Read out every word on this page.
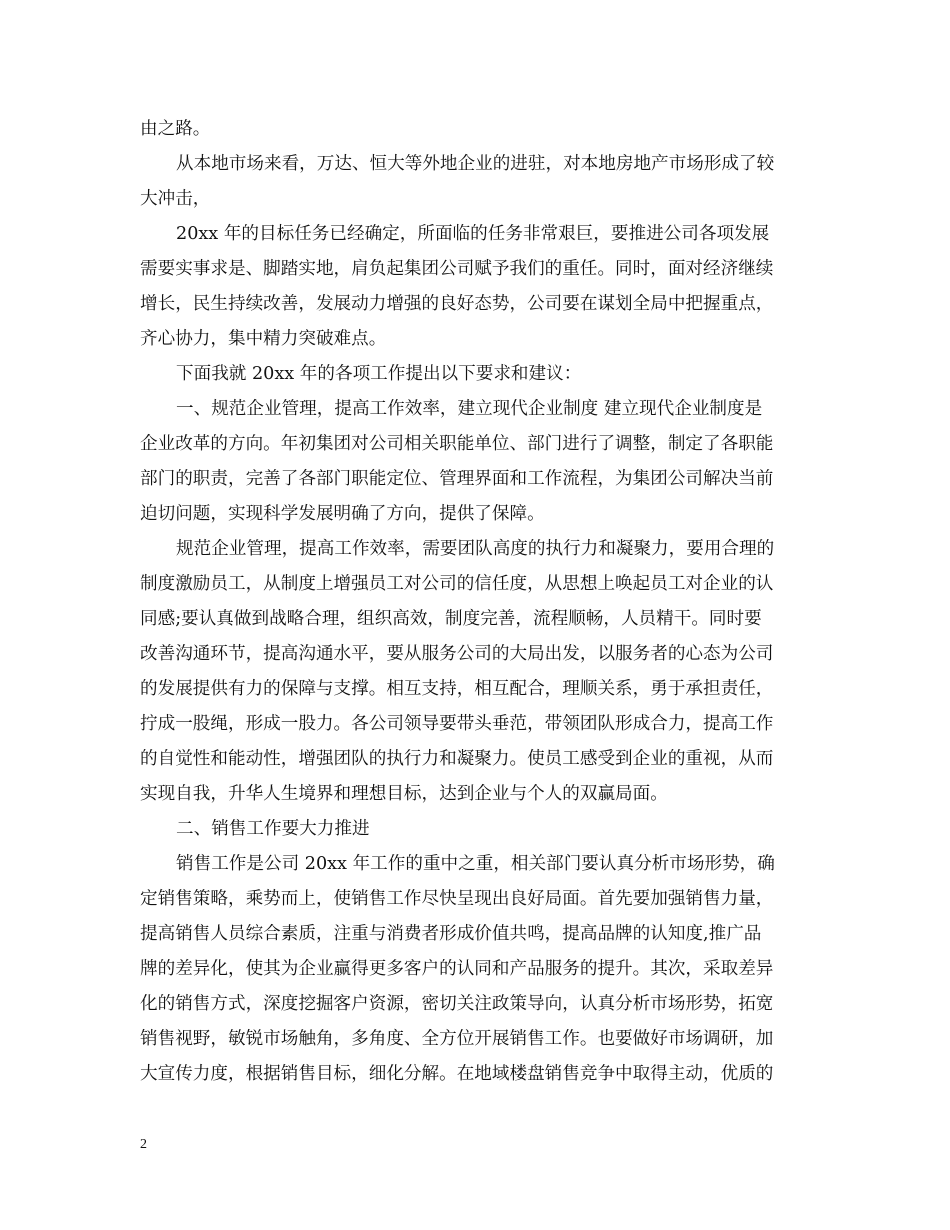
由之路。
从本地市场来看，万达、恒大等外地企业的进驻，对本地房地产市场形成了较
大冲击，
20xx 年的目标任务已经确定，所面临的任务非常艰巨，要推进公司各项发展
需要实事求是、脚踏实地，肩负起集团公司赋予我们的重任。同时，面对经济继续
增长，民生持续改善，发展动力增强的良好态势，公司要在谋划全局中把握重点，
齐心协力，集中精力突破难点。
下面我就 20xx 年的各项工作提出以下要求和建议：
一、规范企业管理，提高工作效率，建立现代企业制度 建立现代企业制度是
企业改革的方向。年初集团对公司相关职能单位、部门进行了调整，制定了各职能
部门的职责，完善了各部门职能定位、管理界面和工作流程，为集团公司解决当前
迫切问题，实现科学发展明确了方向，提供了保障。
规范企业管理，提高工作效率，需要团队高度的执行力和凝聚力，要用合理的
制度激励员工，从制度上增强员工对公司的信任度，从思想上唤起员工对企业的认
同感;要认真做到战略合理，组织高效，制度完善，流程顺畅，人员精干。同时要
改善沟通环节，提高沟通水平，要从服务公司的大局出发，以服务者的心态为公司
的发展提供有力的保障与支撑。相互支持，相互配合，理顺关系，勇于承担责任，
拧成一股绳，形成一股力。各公司领导要带头垂范，带领团队形成合力，提高工作
的自觉性和能动性，增强团队的执行力和凝聚力。使员工感受到企业的重视，从而
实现自我，升华人生境界和理想目标，达到企业与个人的双赢局面。
二、销售工作要大力推进
销售工作是公司 20xx 年工作的重中之重，相关部门要认真分析市场形势，确
定销售策略，乘势而上，使销售工作尽快呈现出良好局面。首先要加强销售力量，
提高销售人员综合素质，注重与消费者形成价值共鸣，提高品牌的认知度,推广品
牌的差异化，使其为企业赢得更多客户的认同和产品服务的提升。其次，采取差异
化的销售方式，深度挖掘客户资源，密切关注政策导向，认真分析市场形势，拓宽
销售视野，敏锐市场触角，多角度、全方位开展销售工作。也要做好市场调研，加
大宣传力度，根据销售目标，细化分解。在地域楼盘销售竞争中取得主动，优质的
2
